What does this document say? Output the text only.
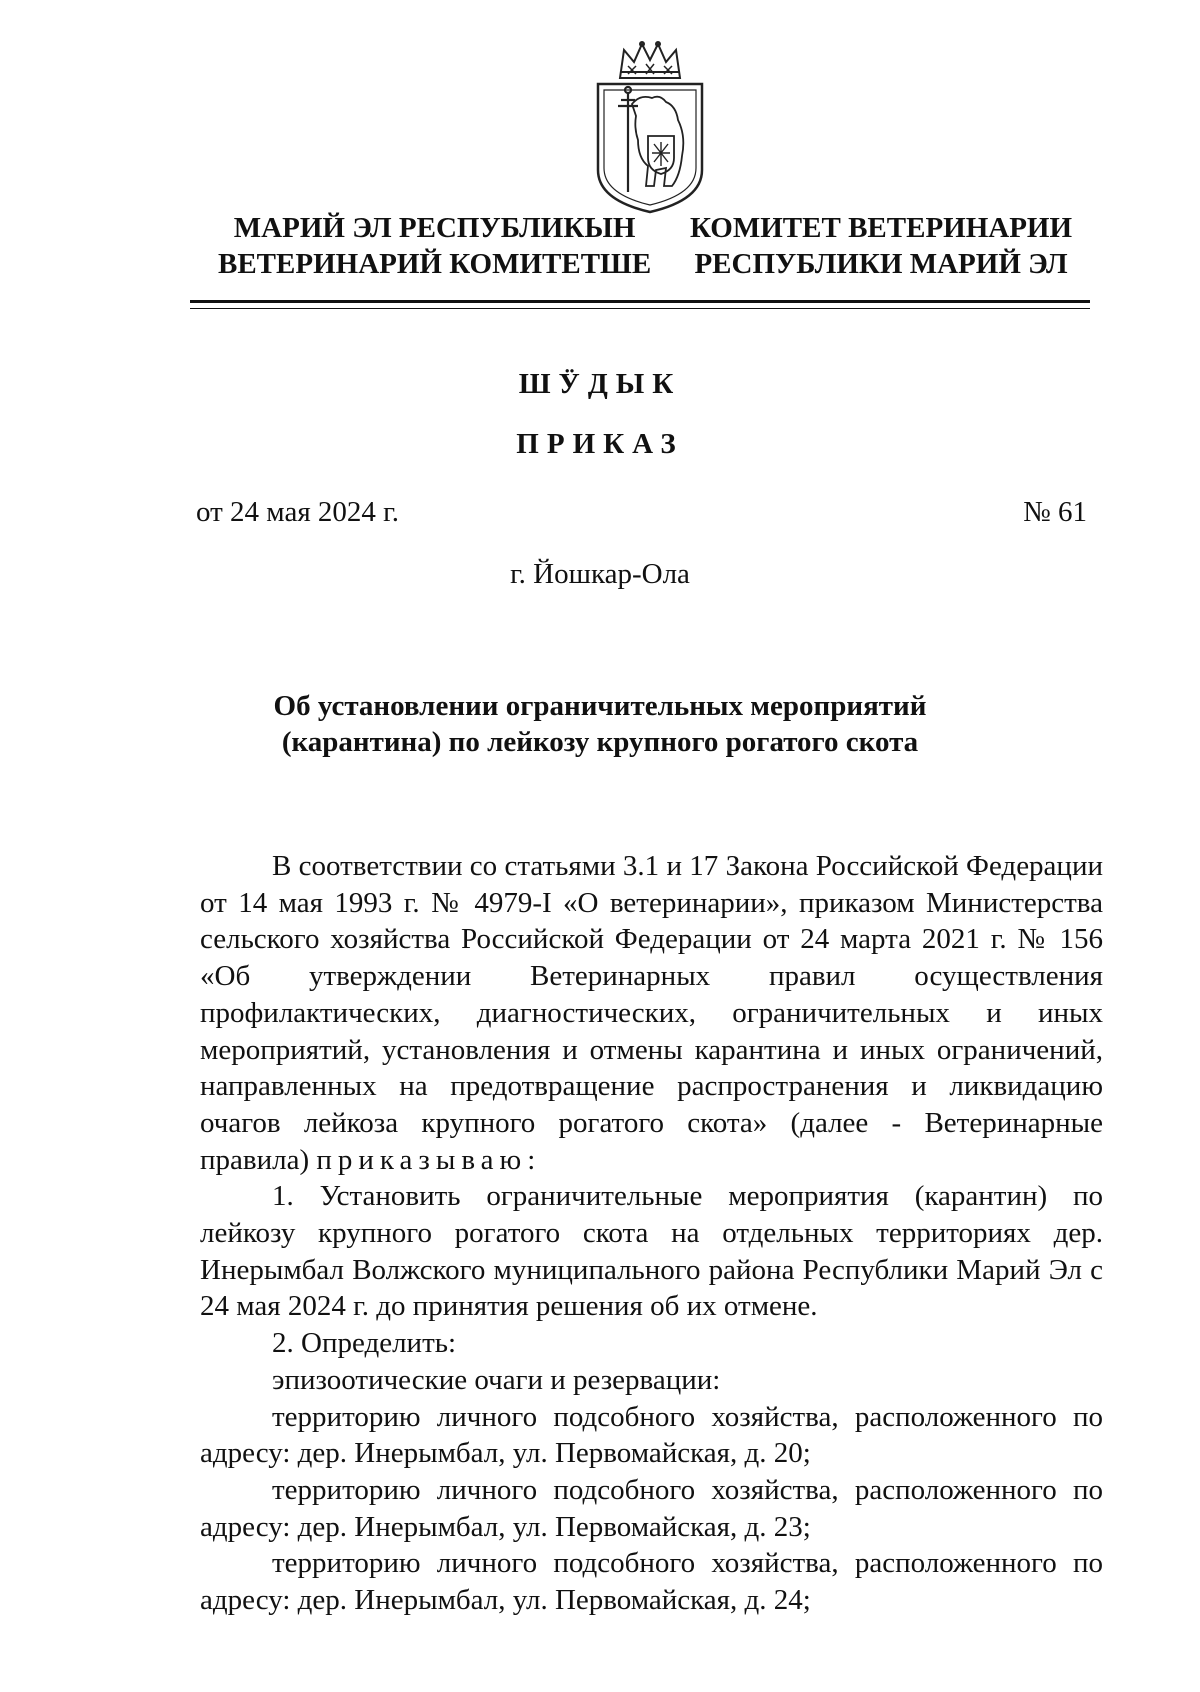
МАРИЙ ЭЛ РЕСПУБЛИКЫН
ВЕТЕРИНАРИЙ КОМИТЕТШЕ
КОМИТЕТ ВЕТЕРИНАРИИ
РЕСПУБЛИКИ МАРИЙ ЭЛ
ШӰДЫК
ПРИКАЗ
от 24 мая 2024 г.	№ 61
г. Йошкар-Ола
Об установлении ограничительных мероприятий
(карантина) по лейкозу крупного рогатого скота

В соответствии со статьями 3.1 и 17 Закона Российской Федерации от 14 мая 1993 г. № 4979-I «О ветеринарии», приказом Министерства сельского хозяйства Российской Федерации от 24 марта 2021 г. № 156 «Об утверждении Ветеринарных правил осуществления профилактических, диагностических, ограничительных и иных мероприятий, установления и отмены карантина и иных ограничений, направленных на предотвращение распространения и ликвидацию очагов лейкоза крупного рогатого скота» (далее - Ветеринарные правила) приказываю:

1. Установить ограничительные мероприятия (карантин) по лейкозу крупного рогатого скота на отдельных территориях дер. Инерымбал Волжского муниципального района Республики Марий Эл с 24 мая 2024 г. до принятия решения об их отмене.

2. Определить:

эпизоотические очаги и резервации:

территорию личного подсобного хозяйства, расположенного по адресу: дер. Инерымбал, ул. Первомайская, д. 20;

территорию личного подсобного хозяйства, расположенного по адресу: дер. Инерымбал, ул. Первомайская, д. 23;

территорию личного подсобного хозяйства, расположенного по адресу: дер. Инерымбал, ул. Первомайская, д. 24;
